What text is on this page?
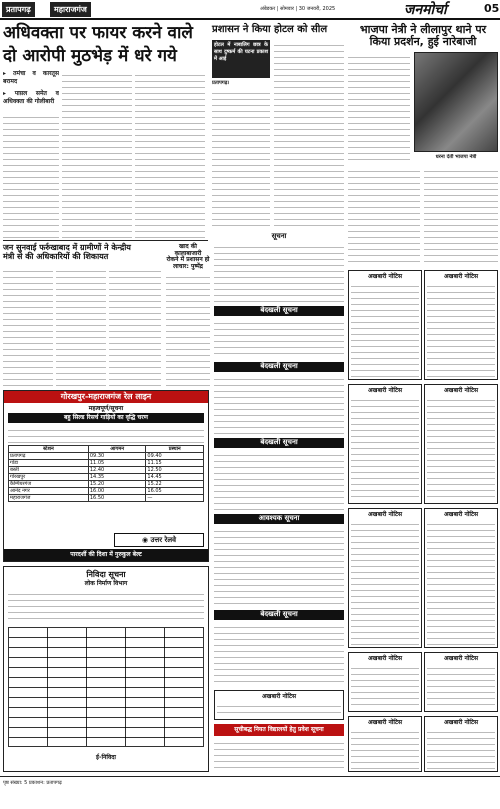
प्रतापगढ़	महाराजगंज	अंबेडकर | सोमवार | 30 जनवरी, 2025	जनमोर्चा	05
अधिवक्ता पर फायर करने वाले
दो आरोपी मुठभेड़ में धरे गये
▸ तमंचा व कारतूस बरामद
▸ पाय़ल समेत व अधिवक्ता की गोलीबारी
प्रशासन ने किया होटल को सील
होटल में नाबालिग छात्र के साथ दुष्कर्म की घटना प्रकाश में आई
प्रतापगढ़।
भाजपा नेत्री ने लीलापुर थाने पर
किया प्रदर्शन, हुई नारेबाजी
धरना देती भाजपा नेत्री
जन सुनवाई फर्रुखाबाद में ग्रामीणों ने केन्द्रीय
मंत्री से की अधिकारियों की शिकायत
खाद की कालाबाजारी
रोकने में प्रशासन हो
लाचार: पुष्पेंद्र
सूचना
बेदखली सूचना
बेदखली सूचना
बेदखली सूचना
आवश्यक सूचना
बेदखली सूचना
अखबारी नोटिस	अखबारी नोटिस
अखबारी नोटिस	अखबारी नोटिस
अखबारी नोटिस	अखबारी नोटिस
अखबारी नोटिस	अखबारी नोटिस
अखबारी नोटिस
अखबारी नोटिस	अखबारी नोटिस
गोरखपुर-महाराजगंज रेल लाइन
महत्वपूर्ण/सूचना
बहु सिल्ड रिसर्च गाड़ियों का वृद्धि चरण
स्टेशन	आगमन	प्रस्थान
प्रतापगढ़	09.30	09.40
गोंडा	11.05	11.15
बस्ती	12.40	12.50
गोरखपुर	14.35	14.45
कैम्पियरगंज	15.20	15.22
आनंद नगर	16.00	16.05
महाराजगंज	16.50	—
◉ उत्तर रेलवे
पारदर्शी की दिशा में गुरुकुल बेल्ट
निविदा सूचना
लोक निर्माण विभाग
ई-निविदा
सूचीबद्ध नियत विद्यालयों हेतु प्रवेश सूचना
पृष्ठ संख्या: 5 प्रकाशन: प्रतापगढ़
